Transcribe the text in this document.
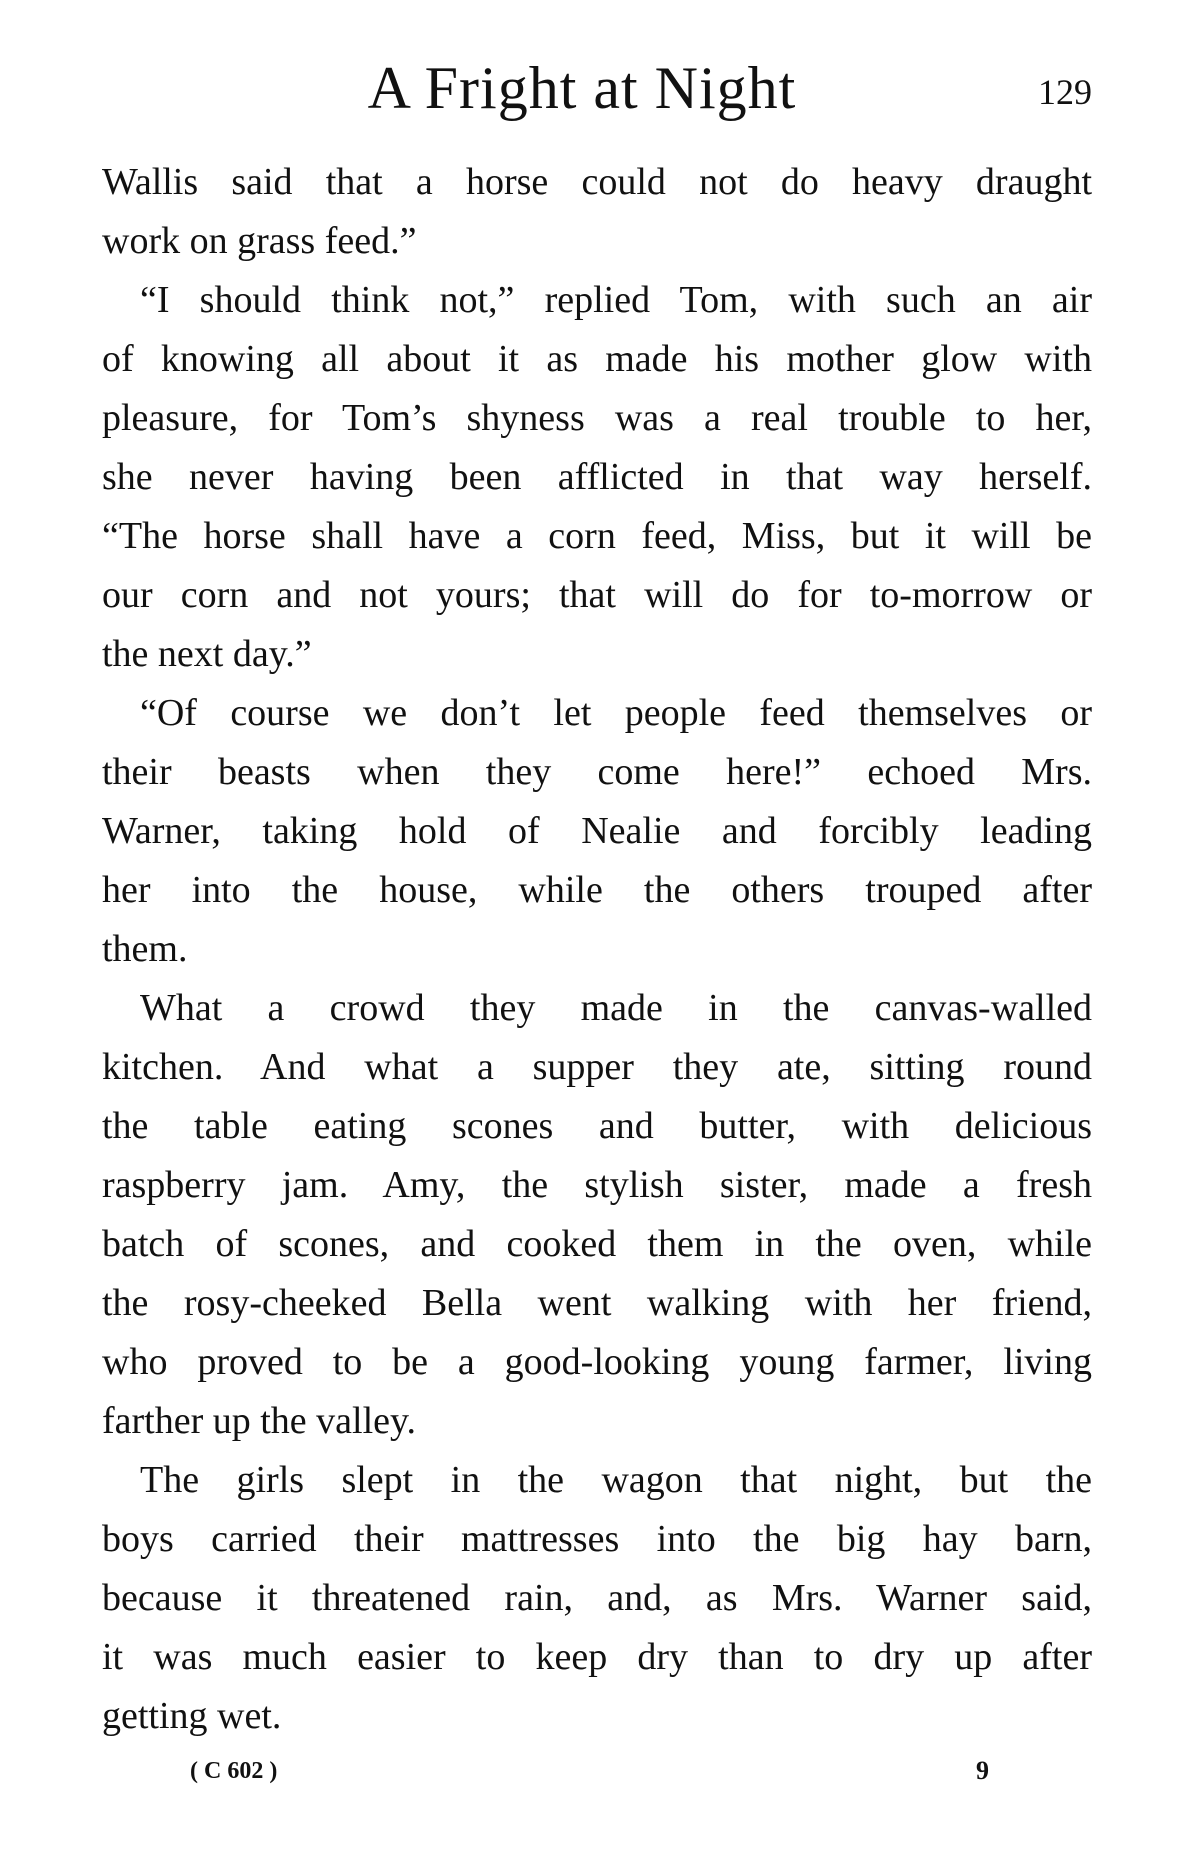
A Fright at Night	129
Wallis said that a horse could not do heavy draught
work on grass feed.”
“I should think not,” replied Tom, with such an air
of knowing all about it as made his mother glow with
pleasure, for Tom’s shyness was a real trouble to her,
she never having been afflicted in that way herself.
“The horse shall have a corn feed, Miss, but it will be
our corn and not yours; that will do for to-morrow or
the next day.”
“Of course we don’t let people feed themselves or
their beasts when they come here!” echoed Mrs.
Warner, taking hold of Nealie and forcibly leading
her into the house, while the others trouped after
them.
What a crowd they made in the canvas-walled
kitchen. And what a supper they ate, sitting round
the table eating scones and butter, with delicious
raspberry jam. Amy, the stylish sister, made a fresh
batch of scones, and cooked them in the oven, while
the rosy-cheeked Bella went walking with her friend,
who proved to be a good-looking young farmer, living
farther up the valley.
The girls slept in the wagon that night, but the
boys carried their mattresses into the big hay barn,
because it threatened rain, and, as Mrs. Warner said,
it was much easier to keep dry than to dry up after
getting wet.
( C 602 )	9
